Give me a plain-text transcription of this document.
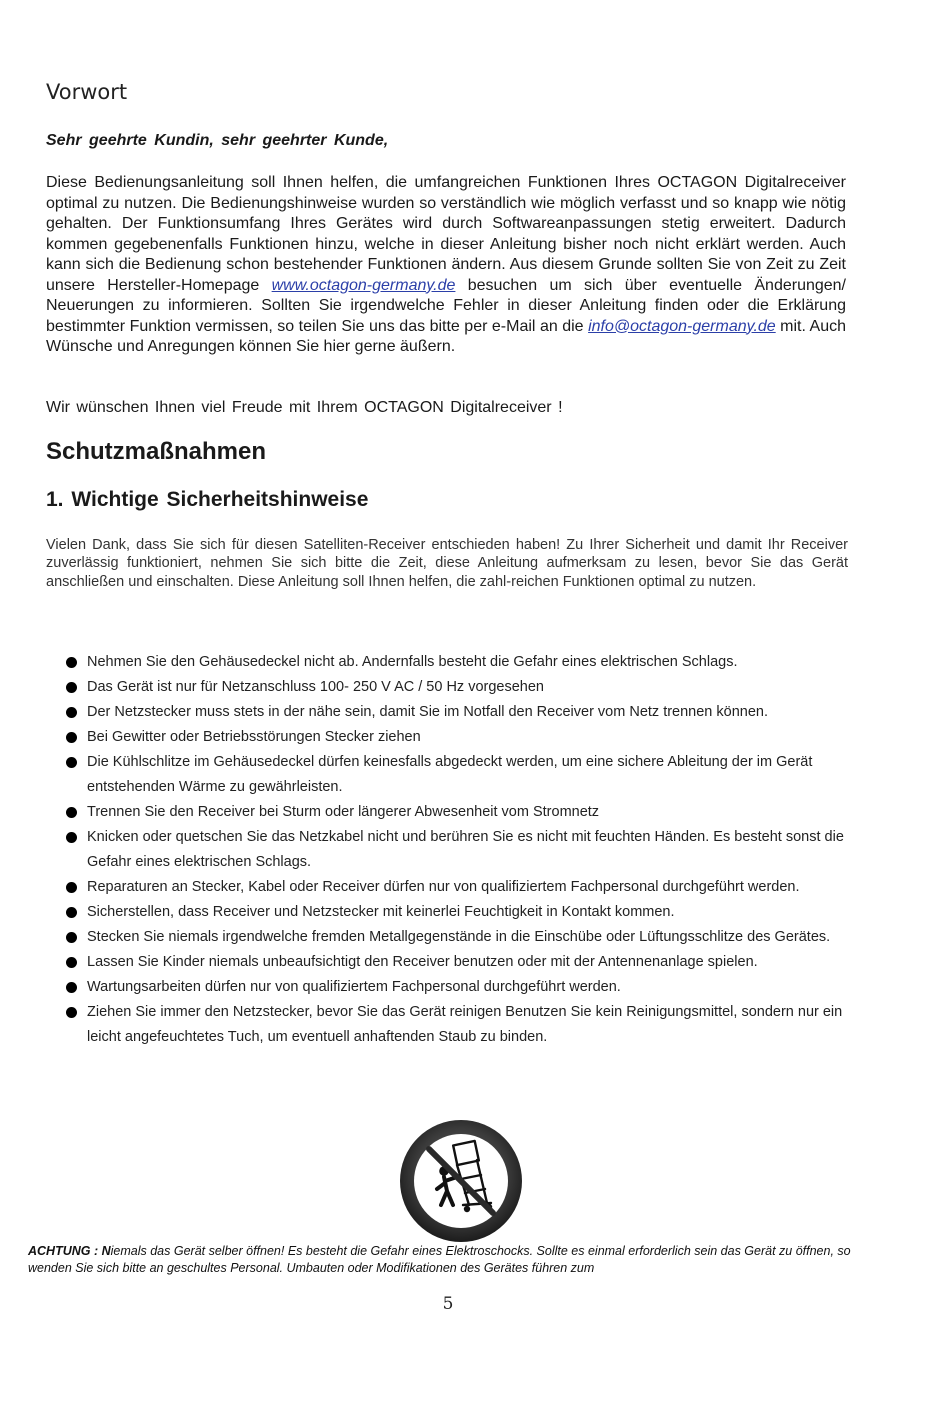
Vorwort

Sehr geehrte Kundin, sehr geehrter Kunde,

Diese Bedienungsanleitung soll Ihnen helfen, die umfangreichen Funktionen Ihres OCTAGON Digitalreceiver optimal zu nutzen. Die Bedienungshinweise wurden so verständlich wie möglich verfasst und so knapp wie nötig gehalten. Der Funktionsumfang Ihres Gerätes wird durch Softwareanpassungen stetig erweitert. Dadurch kommen gegebenenfalls Funktionen hinzu, welche in dieser Anleitung bisher noch nicht erklärt werden. Auch kann sich die Bedienung schon bestehender Funktionen ändern. Aus diesem Grunde sollten Sie von Zeit zu Zeit unsere Hersteller-Homepage www.octagon-germany.de besuchen um sich über eventuelle Änderungen/ Neuerungen zu informieren. Sollten Sie irgendwelche Fehler in dieser Anleitung finden oder die Erklärung bestimmter Funktion vermissen, so teilen Sie uns das bitte per e-Mail an die info@octagon-germany.de mit. Auch Wünsche und Anregungen können Sie hier gerne äußern.

Wir wünschen Ihnen viel Freude mit Ihrem OCTAGON Digitalreceiver !

Schutzmaßnahmen
1. Wichtige Sicherheitshinweise

Vielen Dank, dass Sie sich für diesen Satelliten-Receiver entschieden haben! Zu Ihrer Sicherheit und damit Ihr Receiver zuverlässig funktioniert, nehmen Sie sich bitte die Zeit, diese Anleitung aufmerksam zu lesen, bevor Sie das Gerät anschließen und einschalten. Diese Anleitung soll Ihnen helfen, die zahl-reichen Funktionen optimal zu nutzen.

Nehmen Sie den Gehäusedeckel nicht ab. Andernfalls besteht die Gefahr eines elektrischen Schlags.
Das Gerät ist nur für Netzanschluss 100- 250 V AC / 50 Hz vorgesehen
Der Netzstecker muss stets in der nähe sein, damit Sie im Notfall den Receiver vom Netz trennen können.
Bei Gewitter oder Betriebsstörungen Stecker ziehen
Die Kühlschlitze im Gehäusedeckel dürfen keinesfalls abgedeckt werden, um eine sichere Ableitung der im Gerät entstehenden Wärme zu gewährleisten.
Trennen Sie den Receiver bei Sturm oder längerer Abwesenheit vom Stromnetz
Knicken oder quetschen Sie das Netzkabel nicht und berühren Sie es nicht mit feuchten Händen. Es besteht sonst die Gefahr eines elektrischen Schlags.
Reparaturen an Stecker, Kabel oder Receiver dürfen nur von qualifiziertem Fachpersonal durchgeführt werden.
Sicherstellen, dass Receiver und Netzstecker mit keinerlei Feuchtigkeit in Kontakt kommen.
Stecken Sie niemals irgendwelche fremden Metallgegenstände in die Einschübe oder Lüftungsschlitze des Gerätes.
Lassen Sie Kinder niemals unbeaufsichtigt den Receiver benutzen oder mit der Antennenanlage spielen.
Wartungsarbeiten dürfen nur von qualifiziertem Fachpersonal durchgeführt werden.
Ziehen Sie immer den Netzstecker, bevor Sie das Gerät reinigen Benutzen Sie kein Reinigungsmittel, sondern nur ein leicht angefeuchtetes Tuch, um eventuell anhaftenden Staub zu binden.

ACHTUNG : Niemals das Gerät selber öffnen! Es besteht die Gefahr eines Elektroschocks. Sollte es einmal erforderlich sein das Gerät zu öffnen, so wenden Sie sich bitte an geschultes Personal. Umbauten oder Modifikationen des Gerätes führen zum

5
